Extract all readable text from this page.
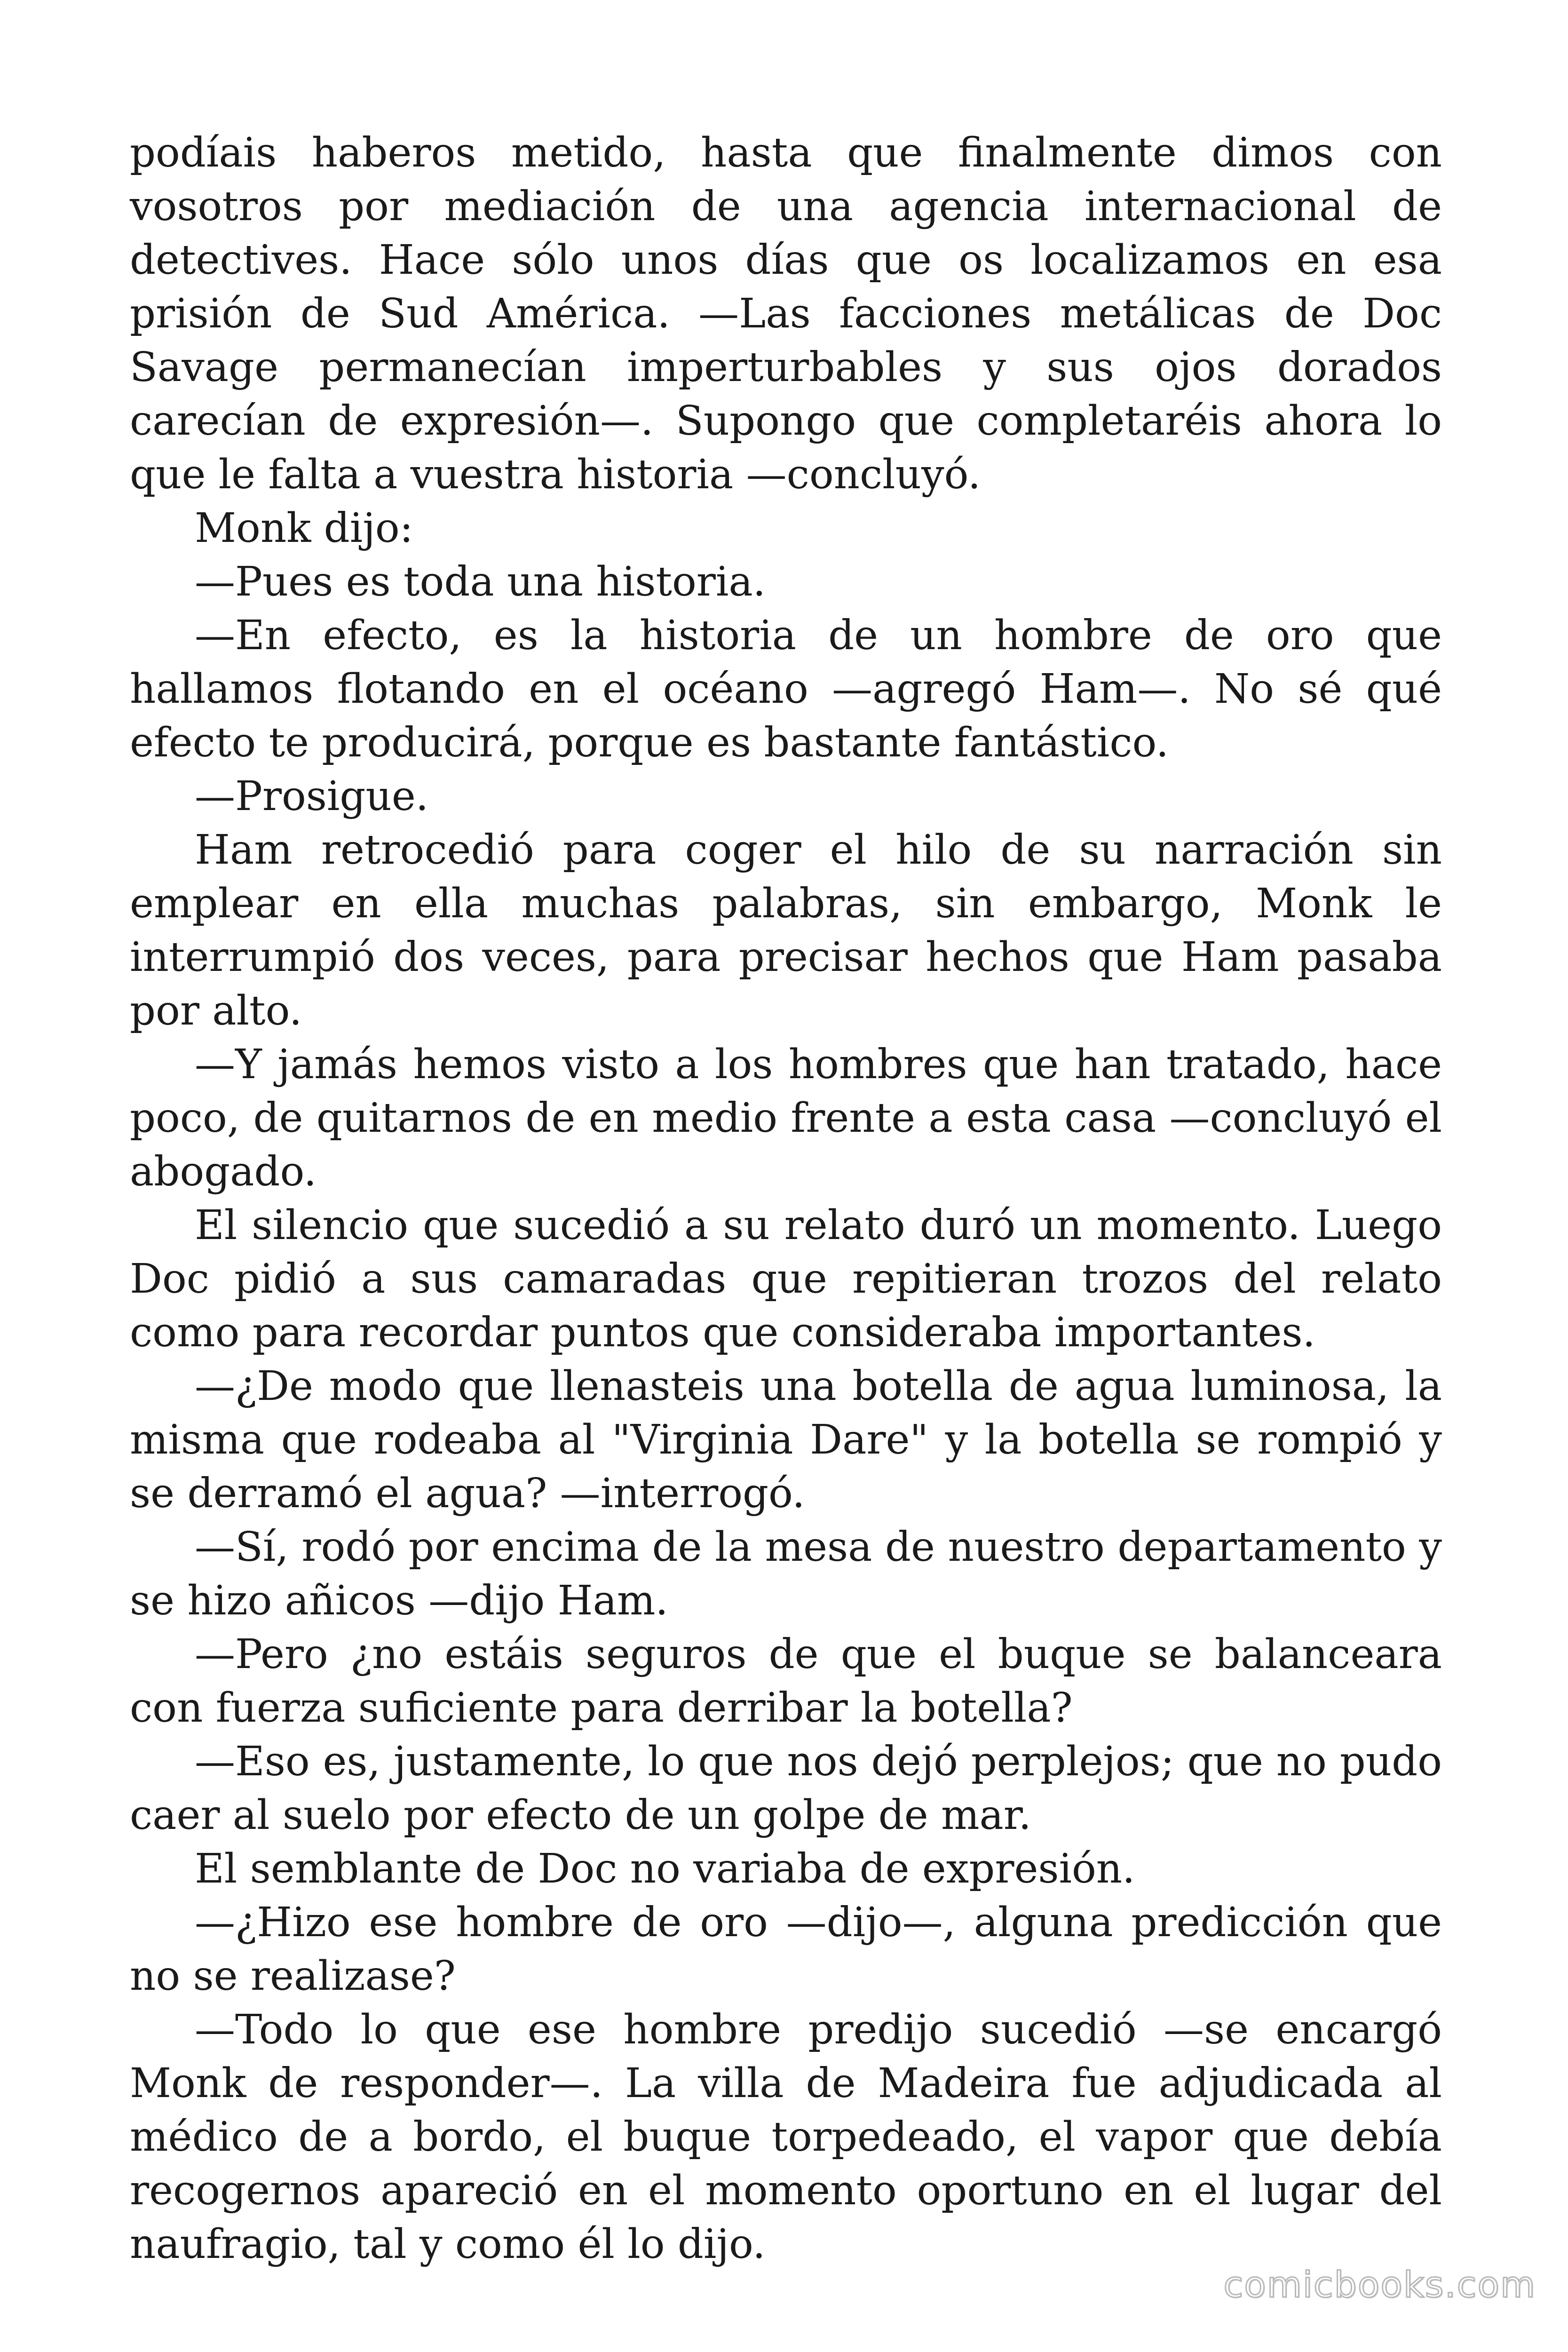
podíais haberos metido, hasta que finalmente dimos con vosotros por mediación de una agencia internacional de detectives. Hace sólo unos días que os localizamos en esa prisión de Sud América. —Las facciones metálicas de Doc Savage permanecían imperturbables y sus ojos dorados carecían de expresión—. Supongo que completaréis ahora lo que le falta a vuestra historia —concluyó.

Monk dijo:

—Pues es toda una historia.

—En efecto, es la historia de un hombre de oro que hallamos flotando en el océano —agregó Ham—. No sé qué efecto te producirá, porque es bastante fantástico.

—Prosigue.

Ham retrocedió para coger el hilo de su narración sin emplear en ella muchas palabras, sin embargo, Monk le interrumpió dos veces, para precisar hechos que Ham pasaba por alto.

—Y jamás hemos visto a los hombres que han tratado, hace poco, de quitarnos de en medio frente a esta casa —concluyó el abogado.

El silencio que sucedió a su relato duró un momento. Luego Doc pidió a sus camaradas que repitieran trozos del relato como para recordar puntos que consideraba importantes.

—¿De modo que llenasteis una botella de agua luminosa, la misma que rodeaba al "Virginia Dare" y la botella se rompió y se derramó el agua? —interrogó.

—Sí, rodó por encima de la mesa de nuestro departamento y se hizo añicos —dijo Ham.

—Pero ¿no estáis seguros de que el buque se balanceara con fuerza suficiente para derribar la botella?

—Eso es, justamente, lo que nos dejó perplejos; que no pudo caer al suelo por efecto de un golpe de mar.

El semblante de Doc no variaba de expresión.

—¿Hizo ese hombre de oro —dijo—, alguna predicción que no se realizase?

—Todo lo que ese hombre predijo sucedió —se encargó Monk de responder—. La villa de Madeira fue adjudicada al médico de a bordo, el buque torpedeado, el vapor que debía recogernos apareció en el momento oportuno en el lugar del naufragio, tal y como él lo dijo.

comicbooks.com
